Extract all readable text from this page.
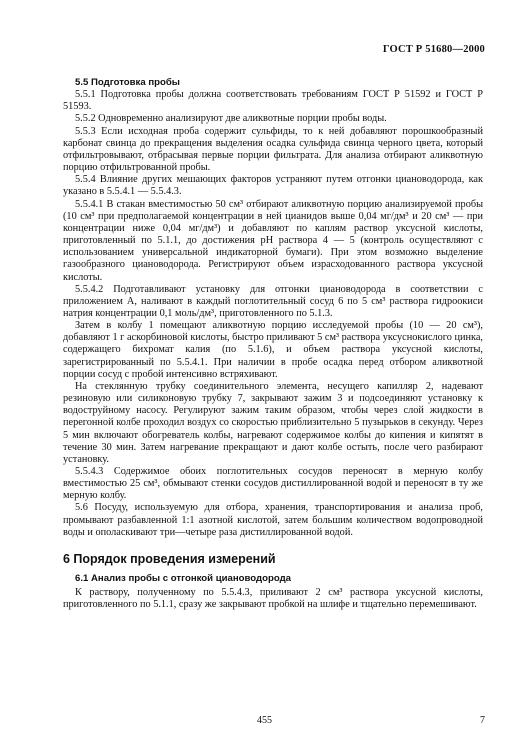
ГОСТ Р 51680—2000

5.5 Подготовка пробы

5.5.1 Подготовка пробы должна соответствовать требованиям ГОСТ Р 51592 и ГОСТ Р 51593.

5.5.2 Одновременно анализируют две аликвотные порции пробы воды.

5.5.3 Если исходная проба содержит сульфиды, то к ней добавляют порошкообразный карбонат свинца до прекращения выделения осадка сульфида свинца черного цвета, который отфильтровывают, отбрасывая первые порции фильтрата. Для анализа отбирают аликвотную порцию отфильтрованной пробы.

5.5.4 Влияние других мешающих факторов устраняют путем отгонки циановодорода, как указано в 5.5.4.1 — 5.5.4.3.

5.5.4.1 В стакан вместимостью 50 см³ отбирают аликвотную порцию анализируемой пробы (10 см³ при предполагаемой концентрации в ней цианидов выше 0,04 мг/дм³ и 20 см³ — при концентрации ниже 0,04 мг/дм³) и добавляют по каплям раствор уксусной кислоты, приготовленный по 5.1.1, до достижения pH раствора 4 — 5 (контроль осуществляют с использованием универсальной индикаторной бумаги). При этом возможно выделение газообразного циановодорода. Регистрируют объем израсходованного раствора уксусной кислоты.

5.5.4.2 Подготавливают установку для отгонки циановодорода в соответствии с приложением А, наливают в каждый поглотительный сосуд 6 по 5 см³ раствора гидроокиси натрия концентрации 0,1 моль/дм³, приготовленного по 5.1.3.

Затем в колбу 1 помещают аликвотную порцию исследуемой пробы (10 — 20 см³), добавляют 1 г аскорбиновой кислоты, быстро приливают 5 см³ раствора уксуснокислого цинка, содержащего бихромат калия (по 5.1.6), и объем раствора уксусной кислоты, зарегистрированный по 5.5.4.1. При наличии в пробе осадка перед отбором аликвотной порции сосуд с пробой интенсивно встряхивают.

На стеклянную трубку соединительного элемента, несущего капилляр 2, надевают резиновую или силиконовую трубку 7, закрывают зажим 3 и подсоединяют установку к водоструйному насосу. Регулируют зажим таким образом, чтобы через слой жидкости в перегонной колбе проходил воздух со скоростью приблизительно 5 пузырьков в секунду. Через 5 мин включают обогреватель колбы, нагревают содержимое колбы до кипения и кипятят в течение 30 мин. Затем нагревание прекращают и дают колбе остыть, после чего разбирают установку.

5.5.4.3 Содержимое обоих поглотительных сосудов переносят в мерную колбу вместимостью 25 см³, обмывают стенки сосудов дистиллированной водой и переносят в ту же мерную колбу.

5.6 Посуду, используемую для отбора, хранения, транспортирования и анализа проб, промывают разбавленной 1:1 азотной кислотой, затем большим количеством водопроводной воды и ополаскивают три—четыре раза дистиллированной водой.

6 Порядок проведения измерений

6.1 Анализ пробы с отгонкой циановодорода

К раствору, полученному по 5.5.4.3, приливают 2 см³ раствора уксусной кислоты, приготовленного по 5.1.1, сразу же закрывают пробкой на шлифе и тщательно перемешивают.

455	7
